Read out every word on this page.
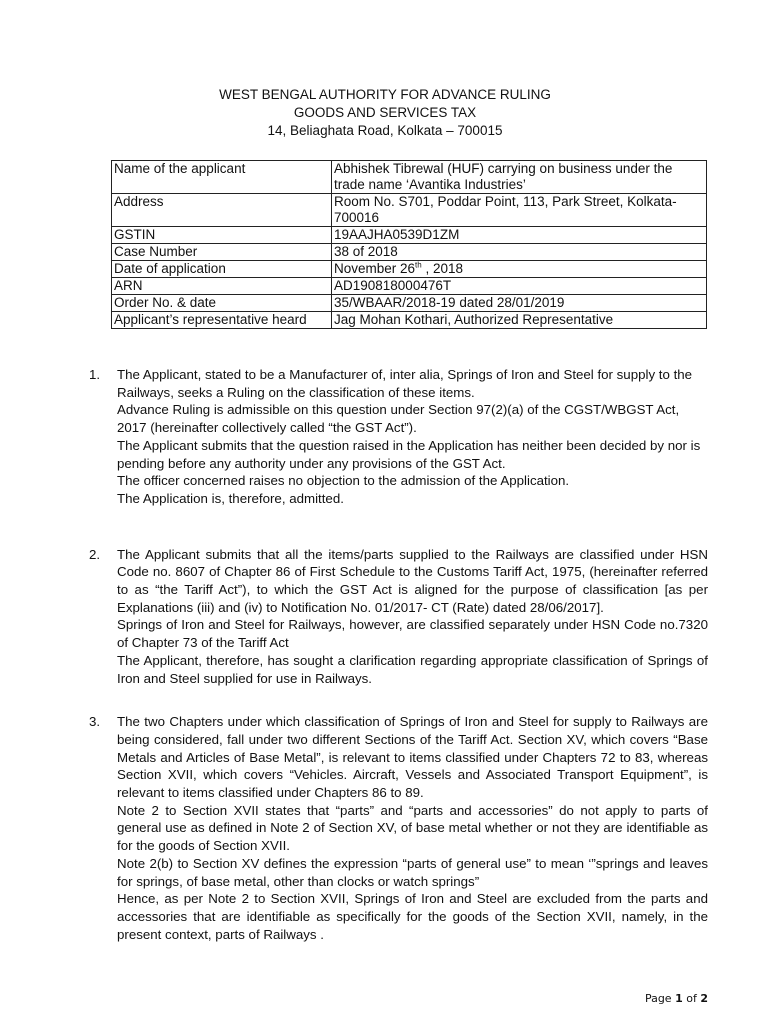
WEST BENGAL AUTHORITY FOR ADVANCE RULING
GOODS AND SERVICES TAX
14, Beliaghata Road, Kolkata – 700015
Name of the applicant	Abhishek Tibrewal (HUF) carrying on business under the trade name ‘Avantika Industries’
Address	Room No. S701, Poddar Point, 113, Park Street, Kolkata-700016
GSTIN	19AAJHA0539D1ZM
Case Number	38 of 2018
Date of application	November 26th , 2018
ARN	AD190818000476T
Order No. & date	35/WBAAR/2018-19 dated 28/01/2019
Applicant’s representative heard	Jag Mohan Kothari, Authorized Representative
1.	The Applicant, stated to be a Manufacturer of, inter alia, Springs of Iron and Steel for supply to the Railways, seeks a Ruling on the classification of these items.

Advance Ruling is admissible on this question under Section 97(2)(a) of the CGST/WBGST Act, 2017 (hereinafter collectively called “the GST Act”).

The Applicant submits that the question raised in the Application has neither been decided by nor is pending before any authority under any provisions of the GST Act.

The officer concerned raises no objection to the admission of the Application.

The Application is, therefore, admitted.

2.	The Applicant submits that all the items/parts supplied to the Railways are classified under HSN Code no. 8607 of Chapter 86 of First Schedule to the Customs Tariff Act, 1975, (hereinafter referred to as “the Tariff Act”), to which the GST Act is aligned for the purpose of classification [as per Explanations (iii) and (iv) to Notification No. 01/2017- CT (Rate) dated 28/06/2017].

Springs of Iron and Steel for Railways, however, are classified separately under HSN Code no.7320 of Chapter 73 of the Tariff Act

The Applicant, therefore, has sought a clarification regarding appropriate classification of Springs of Iron and Steel supplied for use in Railways.

3.	The two Chapters under which classification of Springs of Iron and Steel for supply to Railways are being considered, fall under two different Sections of the Tariff Act. Section XV, which covers “Base Metals and Articles of Base Metal”, is relevant to items classified under Chapters 72 to 83, whereas Section XVII, which covers “Vehicles. Aircraft, Vessels and Associated Transport Equipment”, is relevant to items classified under Chapters 86 to 89.

Note 2 to Section XVII states that “parts” and “parts and accessories” do not apply to parts of general use as defined in Note 2 of Section XV, of base metal whether or not they are identifiable as for the goods of Section XVII.

Note 2(b) to Section XV defines the expression “parts of general use” to mean ‘”springs and leaves for springs, of base metal, other than clocks or watch springs”

Hence, as per Note 2 to Section XVII, Springs of Iron and Steel are excluded from the parts and accessories that are identifiable as specifically for the goods of the Section XVII, namely, in the present context, parts of Railways .

Page 1 of 2
